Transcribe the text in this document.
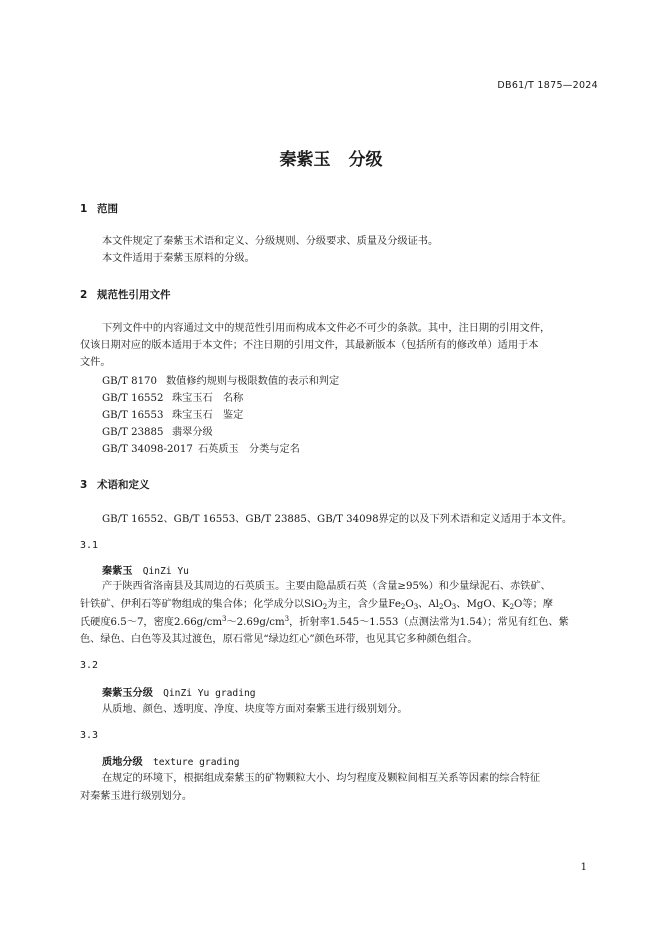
DB61/T 1875—2024
秦紫玉 分级
1 范围
本文件规定了秦紫玉术语和定义、分级规则、分级要求、质量及分级证书。
本文件适用于秦紫玉原料的分级。
2 规范性引用文件
下列文件中的内容通过文中的规范性引用而构成本文件必不可少的条款。其中，注日期的引用文件，
仅该日期对应的版本适用于本文件；不注日期的引用文件，其最新版本（包括所有的修改单）适用于本
文件。
GB/T 8170 数值修约规则与极限数值的表示和判定
GB/T 16552 珠宝玉石　名称
GB/T 16553 珠宝玉石　鉴定
GB/T 23885 翡翠分级
GB/T 34098-2017 石英质玉　分类与定名
3 术语和定义
GB/T 16552、GB/T 16553、GB/T 23885、GB/T 34098界定的以及下列术语和定义适用于本文件。
3.1
秦紫玉  QinZi Yu
产于陕西省洛南县及其周边的石英质玉。主要由隐晶质石英（含量≥95%）和少量绿泥石、赤铁矿、
针铁矿、伊利石等矿物组成的集合体；化学成分以SiO$_2$为主，含少量$Fe_2O_3$、$Al_2O_3$、MgO、$K_2O$等；摩
氏硬度6.5～7，密度$2.66g/cm^3\sim 2.69g/cm^3$，折射率1.545～1.553（点测法常为1.54）；常见有红色、紫
色、绿色、白色等及其过渡色，原石常见“绿边红心”颜色环带，也见其它多种颜色组合。
3.2
秦紫玉分级  QinZi Yu grading
从质地、颜色、透明度、净度、块度等方面对秦紫玉进行级别划分。
3.3
质地分级  texture grading
在规定的环境下，根据组成秦紫玉的矿物颗粒大小、均匀程度及颗粒间相互关系等因素的综合特征
对秦紫玉进行级别划分。
1
